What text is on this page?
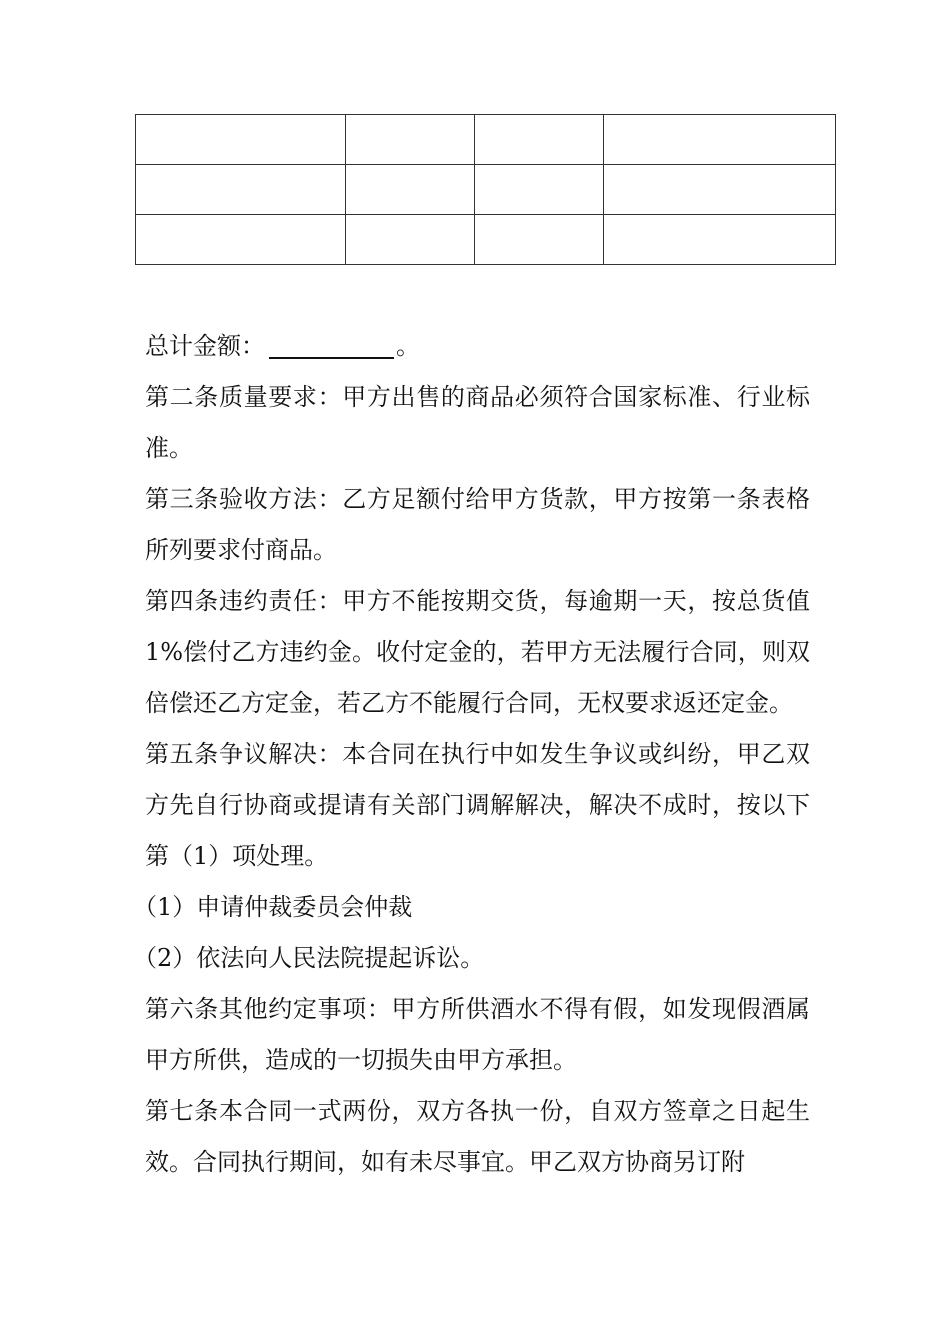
总计金额：	。

第二条质量要求：甲方出售的商品必须符合国家标准、行业标准。

第三条验收方法：乙方足额付给甲方货款，甲方按第一条表格所列要求付商品。

第四条违约责任：甲方不能按期交货，每逾期一天，按总货值 1%偿付乙方违约金。收付定金的，若甲方无法履行合同，则双倍偿还乙方定金，若乙方不能履行合同，无权要求返还定金。

第五条争议解决：本合同在执行中如发生争议或纠纷，甲乙双方先自行协商或提请有关部门调解解决，解决不成时，按以下第（1）项处理。

（1）申请仲裁委员会仲裁

（2）依法向人民法院提起诉讼。

第六条其他约定事项：甲方所供酒水不得有假，如发现假酒属甲方所供，造成的一切损失由甲方承担。

第七条本合同一式两份，双方各执一份，自双方签章之日起生效。合同执行期间，如有未尽事宜。甲乙双方协商另订附
